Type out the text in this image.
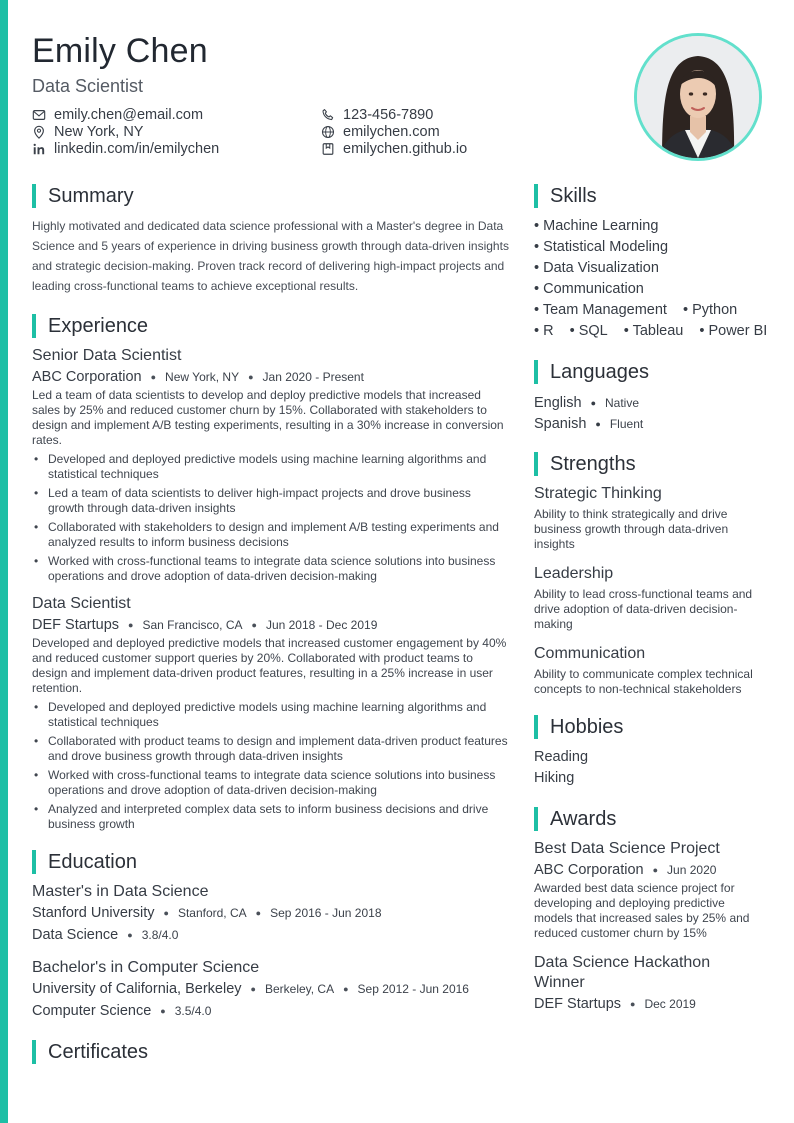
Emily Chen
Data Scientist
emily.chen@email.com	123-456-7890
New York, NY	emilychen.com
linkedin.com/in/emilychen	emilychen.github.io
Summary

Highly motivated and dedicated data science professional with a Master's degree in Data Science and 5 years of experience in driving business growth through data-driven insights and strategic decision-making. Proven track record of delivering high-impact projects and leading cross-functional teams to achieve exceptional results.

Experience
Senior Data Scientist
ABC Corporation ● New York, NY ● Jan 2020 - Present

Led a team of data scientists to develop and deploy predictive models that increased sales by 25% and reduced customer churn by 15%. Collaborated with stakeholders to design and implement A/B testing experiments, resulting in a 30% increase in conversion rates.

• Developed and deployed predictive models using machine learning algorithms and statistical techniques
• Led a team of data scientists to deliver high-impact projects and drove business growth through data-driven insights
• Collaborated with stakeholders to design and implement A/B testing experiments and analyzed results to inform business decisions
• Worked with cross-functional teams to integrate data science solutions into business operations and drove adoption of data-driven decision-making
Data Scientist
DEF Startups ● San Francisco, CA ● Jun 2018 - Dec 2019

Developed and deployed predictive models that increased customer engagement by 40% and reduced customer support queries by 20%. Collaborated with product teams to design and implement data-driven product features, resulting in a 25% increase in user retention.

• Developed and deployed predictive models using machine learning algorithms and statistical techniques
• Collaborated with product teams to design and implement data-driven product features and drove business growth through data-driven insights
• Worked with cross-functional teams to integrate data science solutions into business operations and drove adoption of data-driven decision-making
• Analyzed and interpreted complex data sets to inform business decisions and drive business growth
Education
Master's in Data Science
Stanford University ● Stanford, CA ● Sep 2016 - Jun 2018
Data Science ● 3.8/4.0
Bachelor's in Computer Science
University of California, Berkeley ● Berkeley, CA ● Sep 2012 - Jun 2016
Computer Science ● 3.5/4.0
Certificates
Skills
• Machine Learning
• Statistical Modeling
• Data Visualization
• Communication
• Team Management • Python
• R • SQL • Tableau • Power BI
Languages
English ● Native
Spanish ● Fluent
Strengths
Strategic Thinking
Ability to think strategically and drive business growth through data-driven insights
Leadership
Ability to lead cross-functional teams and drive adoption of data-driven decision-making
Communication
Ability to communicate complex technical concepts to non-technical stakeholders
Hobbies
Reading
Hiking
Awards
Best Data Science Project
ABC Corporation ● Jun 2020
Awarded best data science project for developing and deploying predictive models that increased sales by 25% and reduced customer churn by 15%
Data Science Hackathon Winner
DEF Startups ● Dec 2019
